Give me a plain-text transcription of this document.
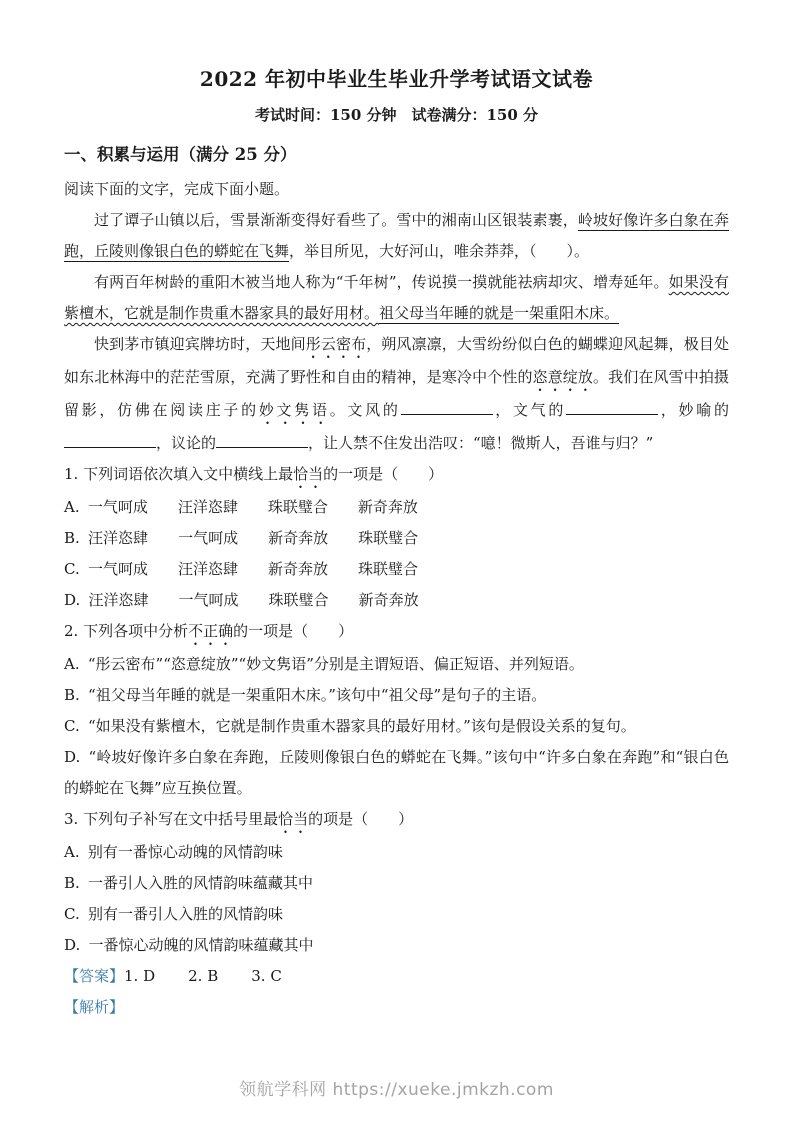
2022 年初中毕业生毕业升学考试语文试卷
考试时间：150 分钟　试卷满分：150 分
一、积累与运用（满分 25 分）
阅读下面的文字，完成下面小题。
过了谭子山镇以后，雪景渐渐变得好看些了。雪中的湘南山区银装素裹，岭坡好像许多白象在奔跑，丘陵则像银白色的蟒蛇在飞舞，举目所见，大好河山，唯余莽莽，（　　）。
有两百年树龄的重阳木被当地人称为“千年树”，传说摸一摸就能祛病却灾、增寿延年。如果没有紫檀木，它就是制作贵重木器家具的最好用材。祖父母当年睡的就是一架重阳木床。
快到茅市镇迎宾牌坊时，天地间彤云密布，朔风凛凛，大雪纷纷似白色的蝴蝶迎风起舞，极目处如东北林海中的茫茫雪原，充满了野性和自由的精神，是寒冷中个性的恣意绽放。我们在风雪中拍摄留影，仿佛在阅读庄子的妙文隽语。文风的	，文气的	，妙喻的，议论的	，让人禁不住发出浩叹：“噫！微斯人，吾谁与归？”
1. 下列词语依次填入文中横线上最恰当的一项是（　　）
A. 一气呵成 汪洋恣肆 珠联璧合 新奇奔放
B. 汪洋恣肆 一气呵成 新奇奔放 珠联璧合
C. 一气呵成 汪洋恣肆 新奇奔放 珠联璧合
D. 汪洋恣肆 一气呵成 珠联璧合 新奇奔放
2. 下列各项中分析不正确的一项是（　　）
A. “彤云密布”“恣意绽放”“妙文隽语”分别是主谓短语、偏正短语、并列短语。
B. “祖父母当年睡的就是一架重阳木床。”该句中“祖父母”是句子的主语。
C. “如果没有紫檀木，它就是制作贵重木器家具的最好用材。”该句是假设关系的复句。
D. “岭坡好像许多白象在奔跑，丘陵则像银白色的蟒蛇在飞舞。”该句中“许多白象在奔跑”和“银白色的蟒蛇在飞舞”应互换位置。
3. 下列句子补写在文中括号里最恰当的项是（　　）
A. 别有一番惊心动魄的风情韵味
B. 一番引人入胜的风情韵味蕴藏其中
C. 别有一番引人入胜的风情韵味
D. 一番惊心动魄的风情韵味蕴藏其中
【答案】1. D 2. B 3. C
【解析】
领航学科网 https://xueke.jmkzh.com
